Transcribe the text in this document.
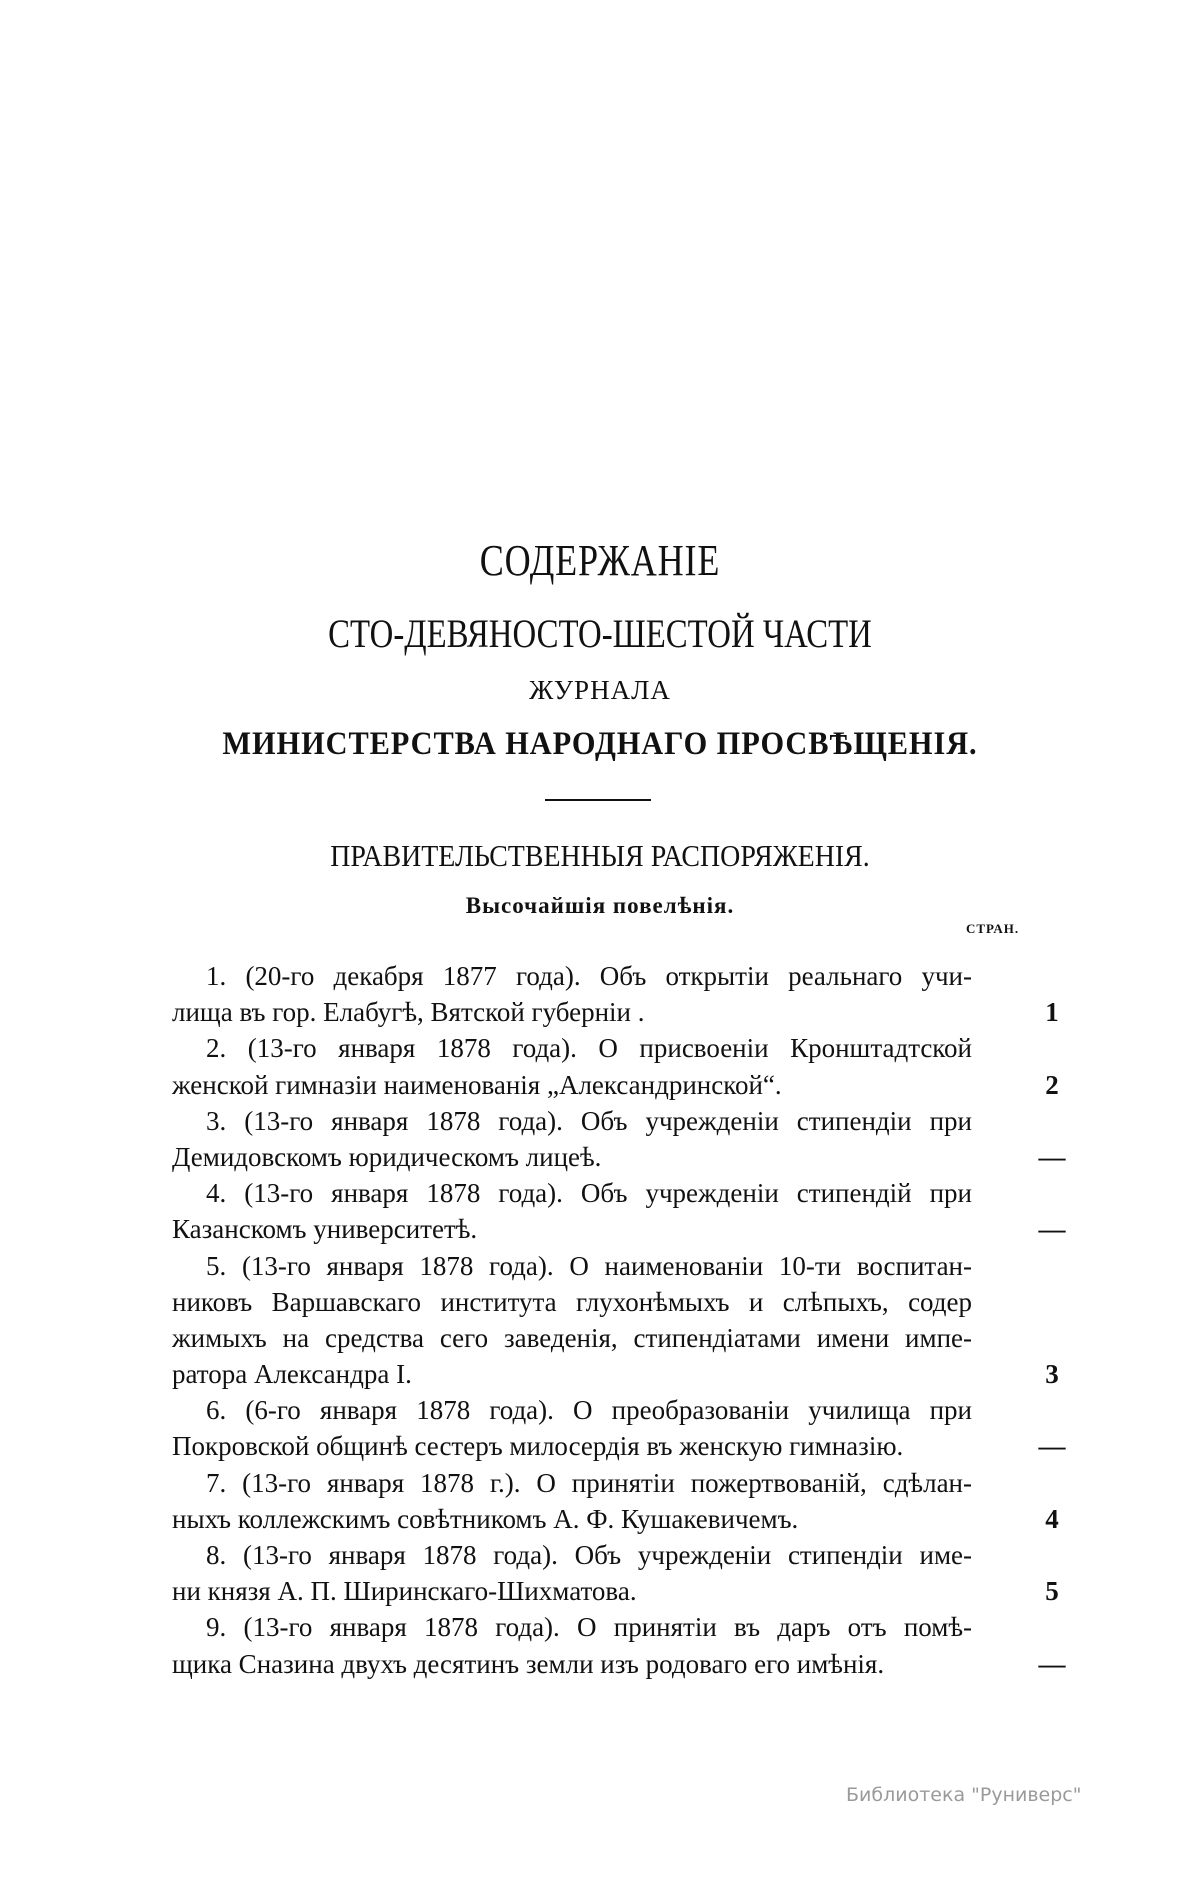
СОДЕРЖАНIЕ
СТО-ДЕВЯНОСТО-ШЕСТОЙ ЧАСТИ
ЖУРНАЛА
МИНИСТЕРСТВА НАРОДНАГО ПРОСВѢЩЕНIЯ.
ПРАВИТЕЛЬСТВЕННЫЯ РАСПОРЯЖЕНIЯ.
Высочайшiя повелѣнiя.
СТРАН.
1. (20-го декабря 1877 года). Объ открытiи реальнаго учи-
лища въ гор. Елабугѣ, Вятской губернiи .	1
2. (13-го января 1878 года). О присвоенiи Кронштадтской
женской гимназiи наименованiя „Александринской“.	2
3. (13-го января 1878 года). Объ учрежденiи стипендiи при
Демидовскомъ юридическомъ лицеѣ.	—
4. (13-го января 1878 года). Объ учрежденiи стипендiй при
Казанскомъ университетѣ.	—
5. (13-го января 1878 года). О наименованiи 10-ти воспитан-
никовъ Варшавскаго института глухонѣмыхъ и слѣпыхъ, содер
жимыхъ на средства сего заведенiя, стипендiатами имени импе-
ратора Александра I.	3
6. (6-го января 1878 года). О преобразованiи училища при
Покровской общинѣ сестеръ милосердiя въ женскую гимназiю.	—
7. (13-го января 1878 г.). О принятiи пожертвованiй, сдѣлан-
ныхъ коллежскимъ совѣтникомъ А. Ф. Кушакевичемъ.	4
8. (13-го января 1878 года). Объ учрежденiи стипендiи име-
ни князя А. П. Ширинскаго-Шихматова.	5
9. (13-го января 1878 года). О принятiи въ даръ отъ помѣ-
щика Сназина двухъ десятинъ земли изъ родоваго его имѣнiя.	—
Библиотека "Руниверс"
